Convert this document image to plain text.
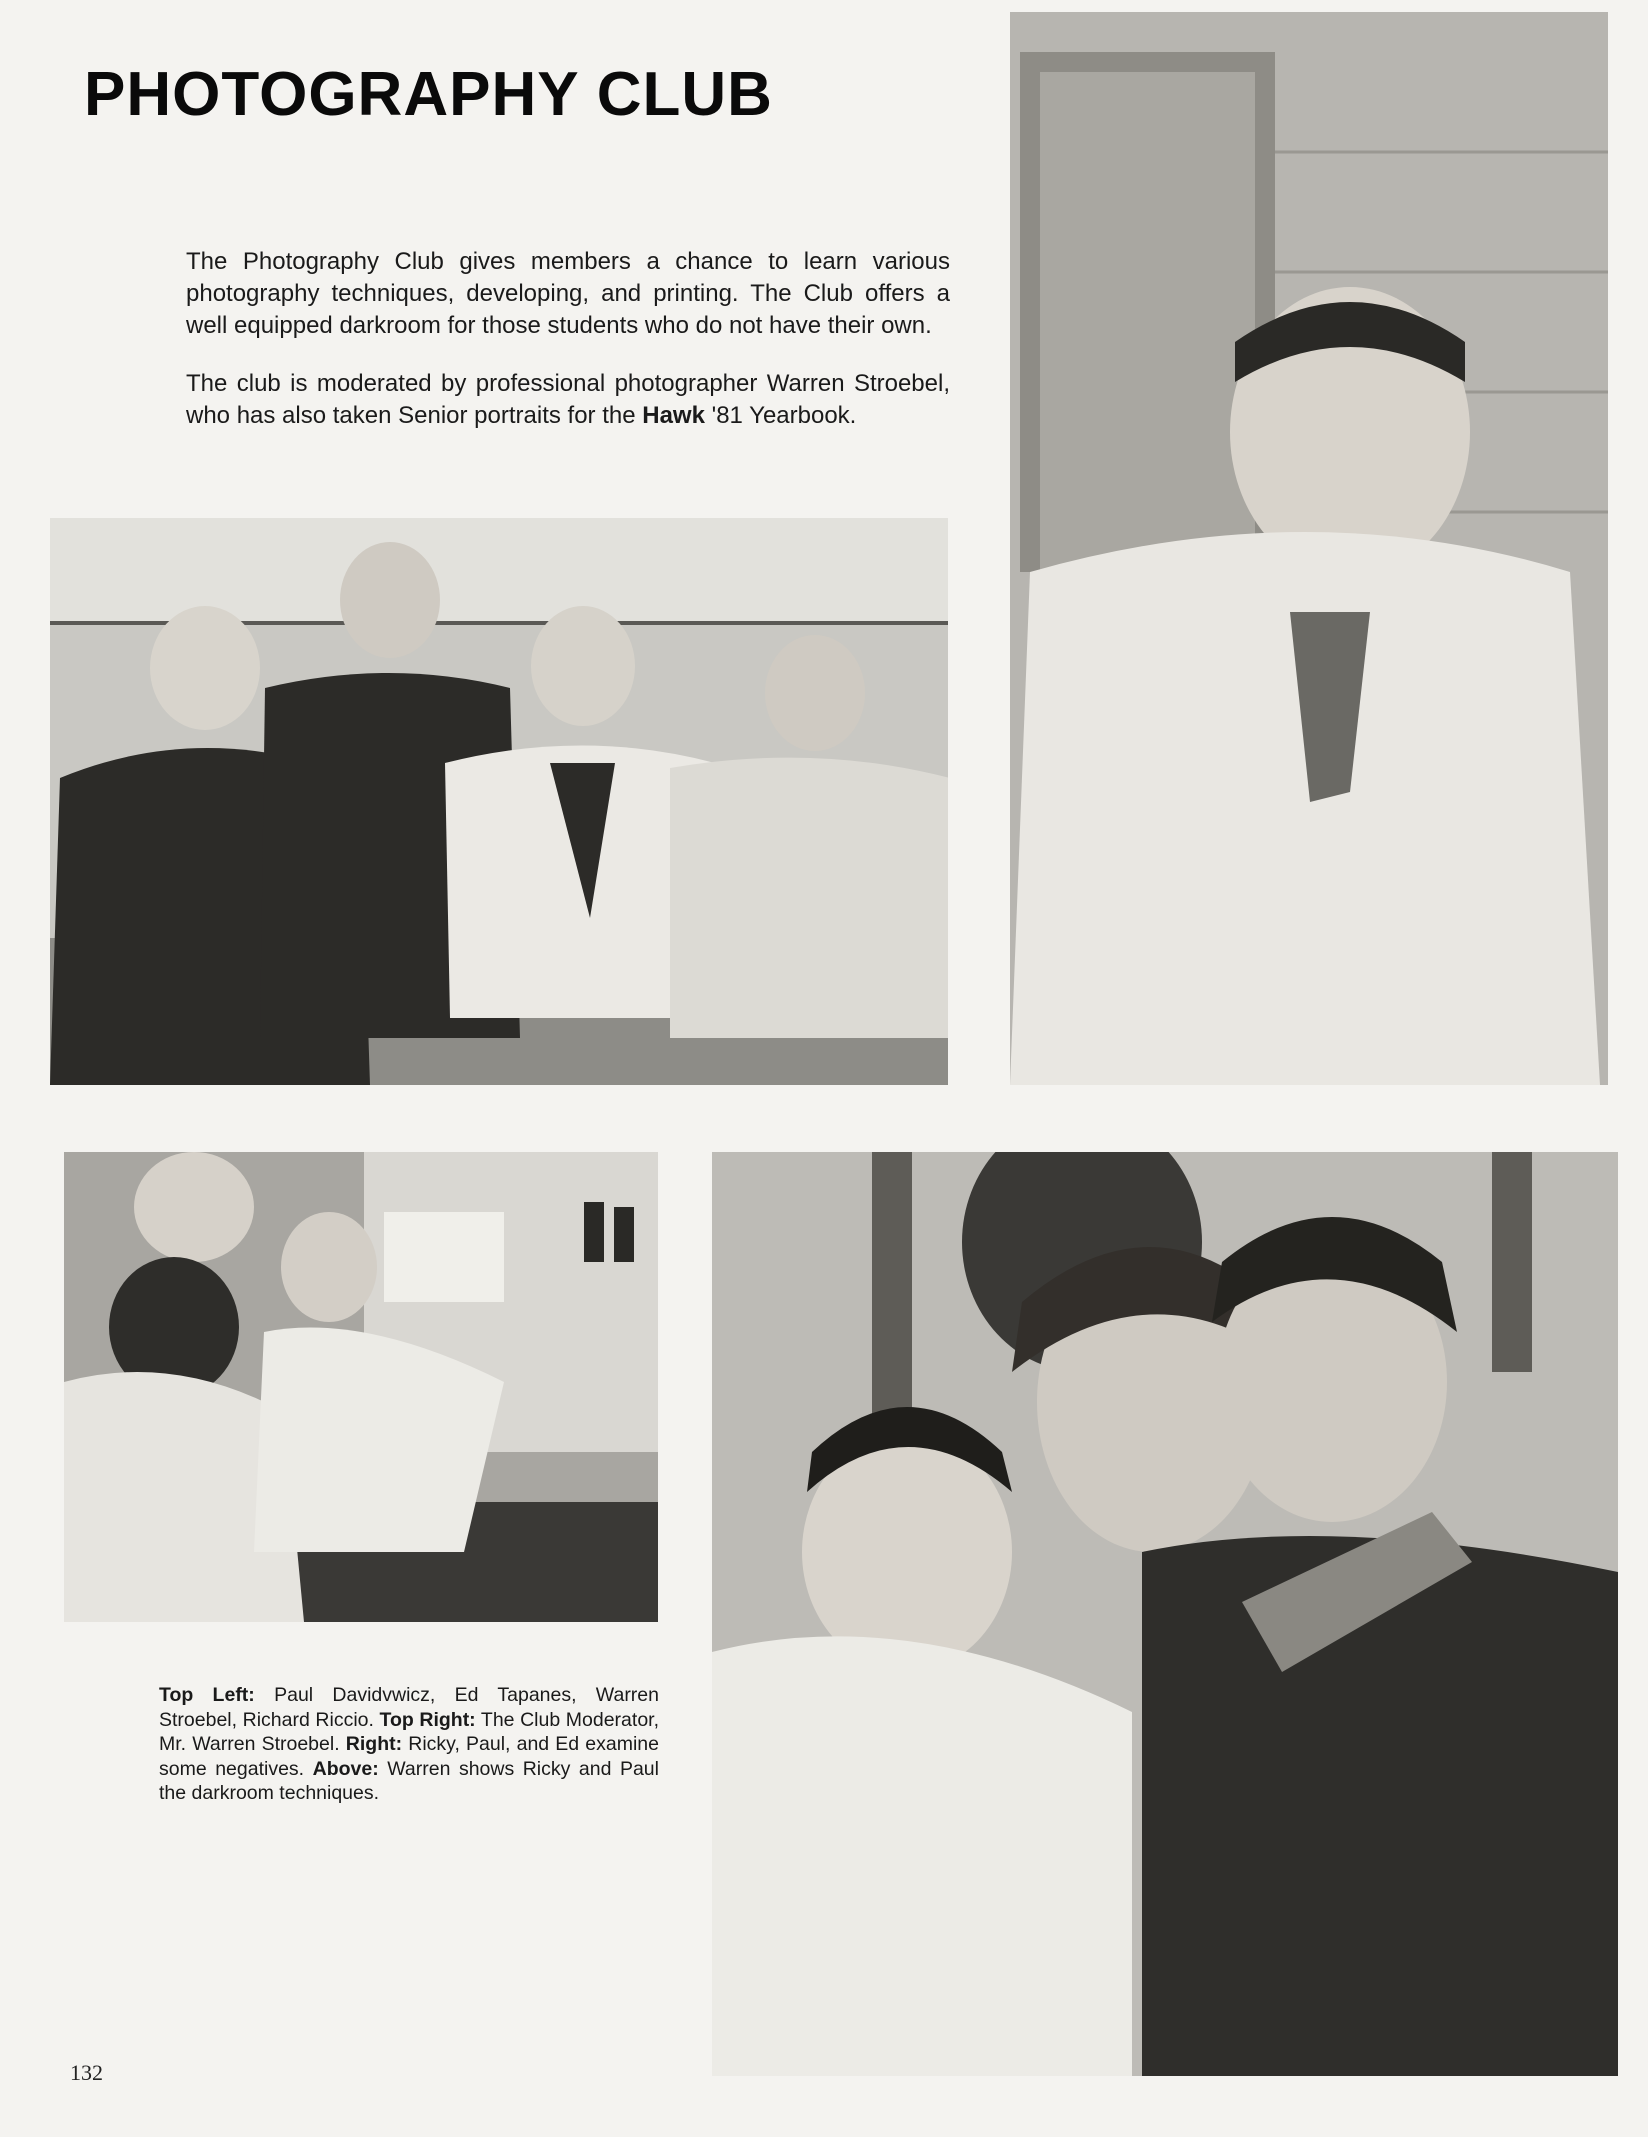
PHOTOGRAPHY CLUB

The Photography Club gives members a chance to learn various photography techniques, developing, and printing. The Club offers a well equipped darkroom for those students who do not have their own.

The club is moderated by professional photographer Warren Stroebel, who has also taken Senior portraits for the Hawk '81 Yearbook.

Top Left: Paul Davidvwicz, Ed Tapanes, Warren Stroebel, Richard Riccio. Top Right: The Club Moderator, Mr. Warren Stroebel. Right: Ricky, Paul, and Ed examine some negatives. Above: Warren shows Ricky and Paul the darkroom techniques.
132
